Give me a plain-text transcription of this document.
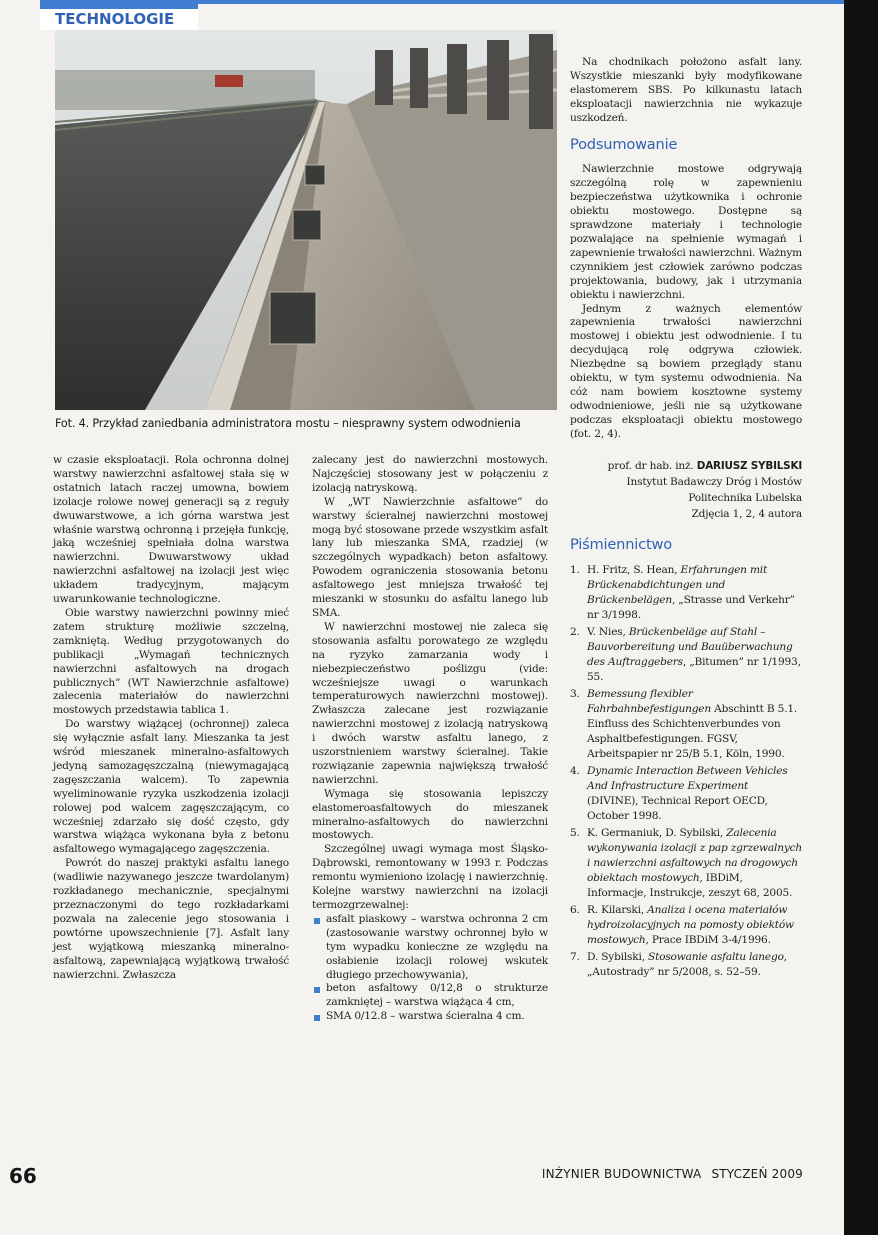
TECHNOLOGIE
Fot. 4. Przykład zaniedbania administratora mostu – niesprawny system odwodnienia

w czasie eksploatacji. Rola ochronna dolnej warstwy nawierzchni asfaltowej stała się w ostatnich latach raczej umowna, bowiem izolacje rolowe nowej generacji są z reguły dwuwarstwowe, a ich górna warstwa jest właśnie warstwą ochronną i przejęła funkcję, jaką wcześniej spełniała dolna warstwa nawierzchni. Dwuwarstwowy układ nawierzchni asfaltowej na izolacji jest więc układem tradycyjnym, mającym uwarunkowanie technologiczne.

Obie warstwy nawierzchni powinny mieć zatem strukturę możliwie szczelną, zamkniętą. Według przygotowanych do publikacji „Wymagań technicznych nawierzchni asfaltowych na drogach publicznych” (WT Nawierzchnie asfaltowe) zalecenia materiałów do nawierzchni mostowych przedstawia tablica 1.

Do warstwy wiążącej (ochronnej) zaleca się wyłącznie asfalt lany. Mieszanka ta jest wśród mieszanek mineralno-asfaltowych jedyną samozagęszczalną (niewymagającą zagęszczania walcem). To zapewnia wyeliminowanie ryzyka uszkodzenia izolacji rolowej pod walcem zagęszczającym, co wcześniej zdarzało się dość często, gdy warstwa wiążąca wykonana była z betonu asfaltowego wymagającego zagęszczenia.

Powrót do naszej praktyki asfaltu lanego (wadliwie nazywanego jeszcze twardolanym) rozkładanego mechanicznie, specjalnymi przeznaczonymi do tego rozkładarkami pozwala na zalecenie jego stosowania i powtórne upowszechnienie [7]. Asfalt lany jest wyjątkową mieszanką mineralno-asfaltową, zapewniającą wyjątkową trwałość nawierzchni. Zwłaszcza

zalecany jest do nawierzchni mostowych. Najczęściej stosowany jest w połączeniu z izolacją natryskową.

W „WT Nawierzchnie asfaltowe” do warstwy ścieralnej nawierzchni mostowej mogą być stosowane przede wszystkim asfalt lany lub mieszanka SMA, rzadziej (w szczególnych wypadkach) beton asfaltowy. Powodem ograniczenia stosowania betonu asfaltowego jest mniejsza trwałość tej mieszanki w stosunku do asfaltu lanego lub SMA.

W nawierzchni mostowej nie zaleca się stosowania asfaltu porowatego ze względu na ryzyko zamarzania wody i niebezpieczeństwo poślizgu (vide: wcześniejsze uwagi o warunkach temperaturowych nawierzchni mostowej). Zwłaszcza zalecane jest rozwiązanie nawierzchni mostowej z izolacją natryskową i dwóch warstw asfaltu lanego, z uszorstnieniem warstwy ścieralnej. Takie rozwiązanie zapewnia największą trwałość nawierzchni.

Wymaga się stosowania lepiszczy elastomeroasfaltowych do mieszanek mineralno-asfaltowych do nawierzchni mostowych.

Szczególnej uwagi wymaga most Śląsko-Dąbrowski, remontowany w 1993 r. Podczas remontu wymieniono izolację i nawierzchnię. Kolejne warstwy nawierzchni na izolacji termozgrzewalnej:

asfalt piaskowy – warstwa ochronna 2 cm (zastosowanie warstwy ochronnej było w tym wypadku konieczne ze względu na osłabienie izolacji rolowej wskutek długiego przechowywania),
beton asfaltowy 0/12,8 o strukturze zamkniętej – warstwa wiążąca 4 cm,
SMA 0/12.8 – warstwa ścieralna 4 cm.

Na chodnikach położono asfalt lany. Wszystkie mieszanki były modyfikowane elastomerem SBS. Po kilkunastu latach eksploatacji nawierzchnia nie wykazuje uszkodzeń.

Podsumowanie

Nawierzchnie mostowe odgrywają szczególną rolę w zapewnieniu bezpieczeństwa użytkownika i ochronie obiektu mostowego. Dostępne są sprawdzone materiały i technologie pozwalające na spełnienie wymagań i zapewnienie trwałości nawierzchni. Ważnym czynnikiem jest człowiek zarówno podczas projektowania, budowy, jak i utrzymania obiektu i nawierzchni.

Jednym z ważnych elementów zapewnienia trwałości nawierzchni mostowej i obiektu jest odwodnienie. I tu decydującą rolę odgrywa człowiek. Niezbędne są bowiem przeglądy stanu obiektu, w tym systemu odwodnienia. Na cóż nam bowiem kosztowne systemy odwodnieniowe, jeśli nie są użytkowane podczas eksploatacji obiektu mostowego (fot. 2, 4).

prof. dr hab. inż. DARIUSZ SYBILSKI
Instytut Badawczy Dróg i Mostów
Politechnika Lubelska
Zdjęcia 1, 2, 4 autora
Piśmiennictwo
1. H. Fritz, S. Hean, Erfahrungen mit Brückenabdichtungen und Brückenbelägen, „Strasse und Verkehr” nr 3/1998.
2. V. Nies, Brückenbeläge auf Stahl – Bauvorbereitung und Bauüberwachung des Auftraggebers, „Bitumen” nr 1/1993, 55.
3. Bemessung flexibler Fahrbahnbefestigungen Abschintt B 5.1. Einfluss des Schichtenverbundes von Asphaltbefestigungen. FGSV, Arbeitspapier nr 25/B 5.1, Köln, 1990.
4. Dynamic Interaction Between Vehicles And Infrastructure Experiment (DIVINE), Technical Report OECD, October 1998.
5. K. Germaniuk, D. Sybilski, Zalecenia wykonywania izolacji z pap zgrzewalnych i nawierzchni asfaltowych na drogowych obiektach mostowych, IBDiM, Informacje, Instrukcje, zeszyt 68, 2005.
6. R. Kilarski, Analiza i ocena materiałów hydroizolacyjnych na pomosty obiektów mostowych, Prace IBDiM 3-4/1996.
7. D. Sybilski, Stosowanie asfaltu lanego, „Autostrady” nr 5/2008, s. 52–59.
66	INŻYNIER BUDOWNICTWA STYCZEŃ 2009
